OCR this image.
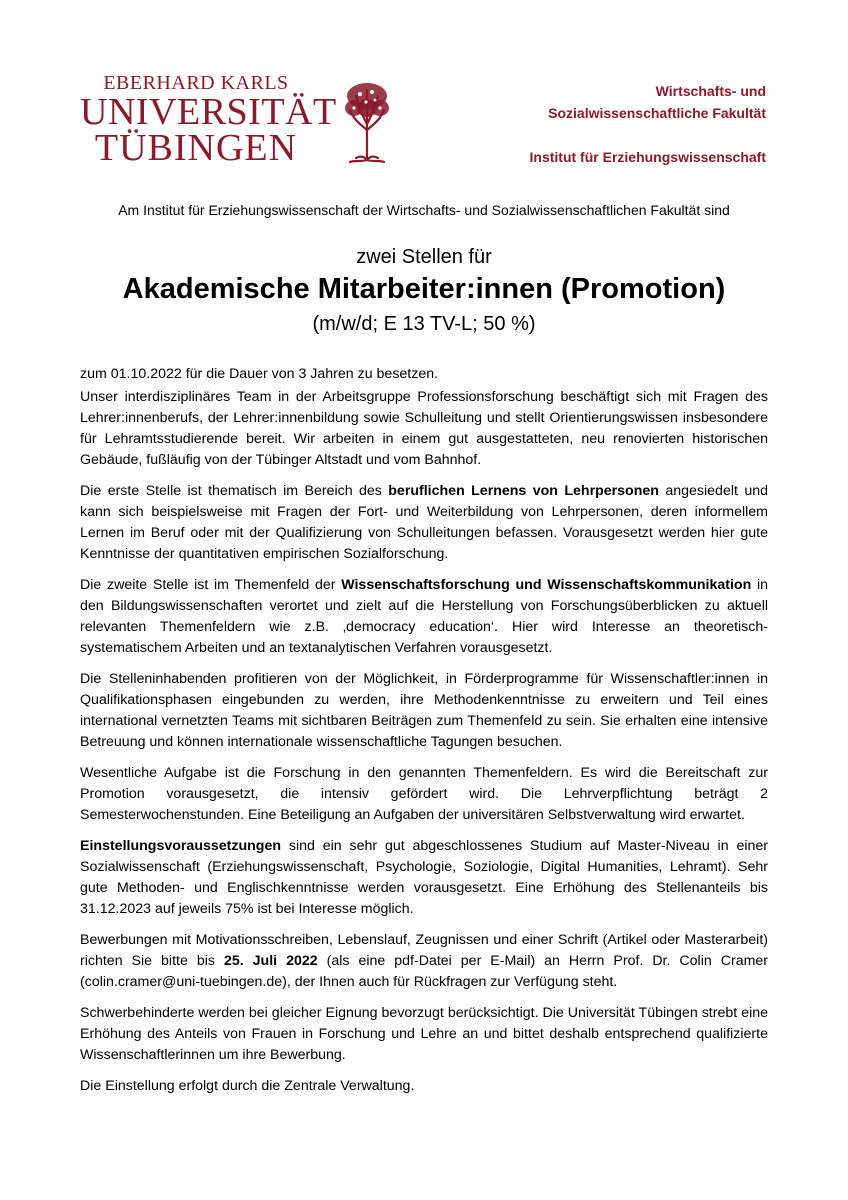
EBERHARD KARLS
UNIVERSITÄT
TÜBINGEN
Wirtschafts- und
Sozialwissenschaftliche Fakultät
Institut für Erziehungswissenschaft
Am Institut für Erziehungswissenschaft der Wirtschafts- und Sozialwissenschaftlichen Fakultät sind
zwei Stellen für
Akademische Mitarbeiter:innen (Promotion)
(m/w/d; E 13 TV-L; 50 %)

zum 01.10.2022 für die Dauer von 3 Jahren zu besetzen.

Unser interdisziplinäres Team in der Arbeitsgruppe Professionsforschung beschäftigt sich mit Fragen des Lehrer:innenberufs, der Lehrer:innenbildung sowie Schulleitung und stellt Orientierungswissen insbesondere für Lehramtsstudierende bereit. Wir arbeiten in einem gut ausgestatteten, neu renovierten historischen Gebäude, fußläufig von der Tübinger Altstadt und vom Bahnhof.

Die erste Stelle ist thematisch im Bereich des beruflichen Lernens von Lehrpersonen angesiedelt und kann sich beispielsweise mit Fragen der Fort- und Weiterbildung von Lehrpersonen, deren informellem Lernen im Beruf oder mit der Qualifizierung von Schulleitungen befassen. Vorausgesetzt werden hier gute Kenntnisse der quantitativen empirischen Sozialforschung.

Die zweite Stelle ist im Themenfeld der Wissenschaftsforschung und Wissenschaftskommunikation in den Bildungswissenschaften verortet und zielt auf die Herstellung von Forschungsüberblicken zu aktuell relevanten Themenfeldern wie z.B. ‚democracy education‘. Hier wird Interesse an theoretisch-systematischem Arbeiten und an textanalytischen Verfahren vorausgesetzt.

Die Stelleninhabenden profitieren von der Möglichkeit, in Förderprogramme für Wissenschaftler:innen in Qualifikationsphasen eingebunden zu werden, ihre Methodenkenntnisse zu erweitern und Teil eines international vernetzten Teams mit sichtbaren Beiträgen zum Themenfeld zu sein. Sie erhalten eine intensive Betreuung und können internationale wissenschaftliche Tagungen besuchen.

Wesentliche Aufgabe ist die Forschung in den genannten Themenfeldern. Es wird die Bereitschaft zur Promotion vorausgesetzt, die intensiv gefördert wird. Die Lehrverpflichtung beträgt 2 Semesterwochenstunden. Eine Beteiligung an Aufgaben der universitären Selbstverwaltung wird erwartet.

Einstellungsvoraussetzungen sind ein sehr gut abgeschlossenes Studium auf Master-Niveau in einer Sozialwissenschaft (Erziehungswissenschaft, Psychologie, Soziologie, Digital Humanities, Lehramt). Sehr gute Methoden- und Englischkenntnisse werden vorausgesetzt. Eine Erhöhung des Stellenanteils bis 31.12.2023 auf jeweils 75% ist bei Interesse möglich.

Bewerbungen mit Motivationsschreiben, Lebenslauf, Zeugnissen und einer Schrift (Artikel oder Masterarbeit) richten Sie bitte bis 25. Juli 2022 (als eine pdf-Datei per E-Mail) an Herrn Prof. Dr. Colin Cramer (colin.cramer@uni-tuebingen.de), der Ihnen auch für Rückfragen zur Verfügung steht.

Schwerbehinderte werden bei gleicher Eignung bevorzugt berücksichtigt. Die Universität Tübingen strebt eine Erhöhung des Anteils von Frauen in Forschung und Lehre an und bittet deshalb entsprechend qualifizierte Wissenschaftlerinnen um ihre Bewerbung.

Die Einstellung erfolgt durch die Zentrale Verwaltung.
